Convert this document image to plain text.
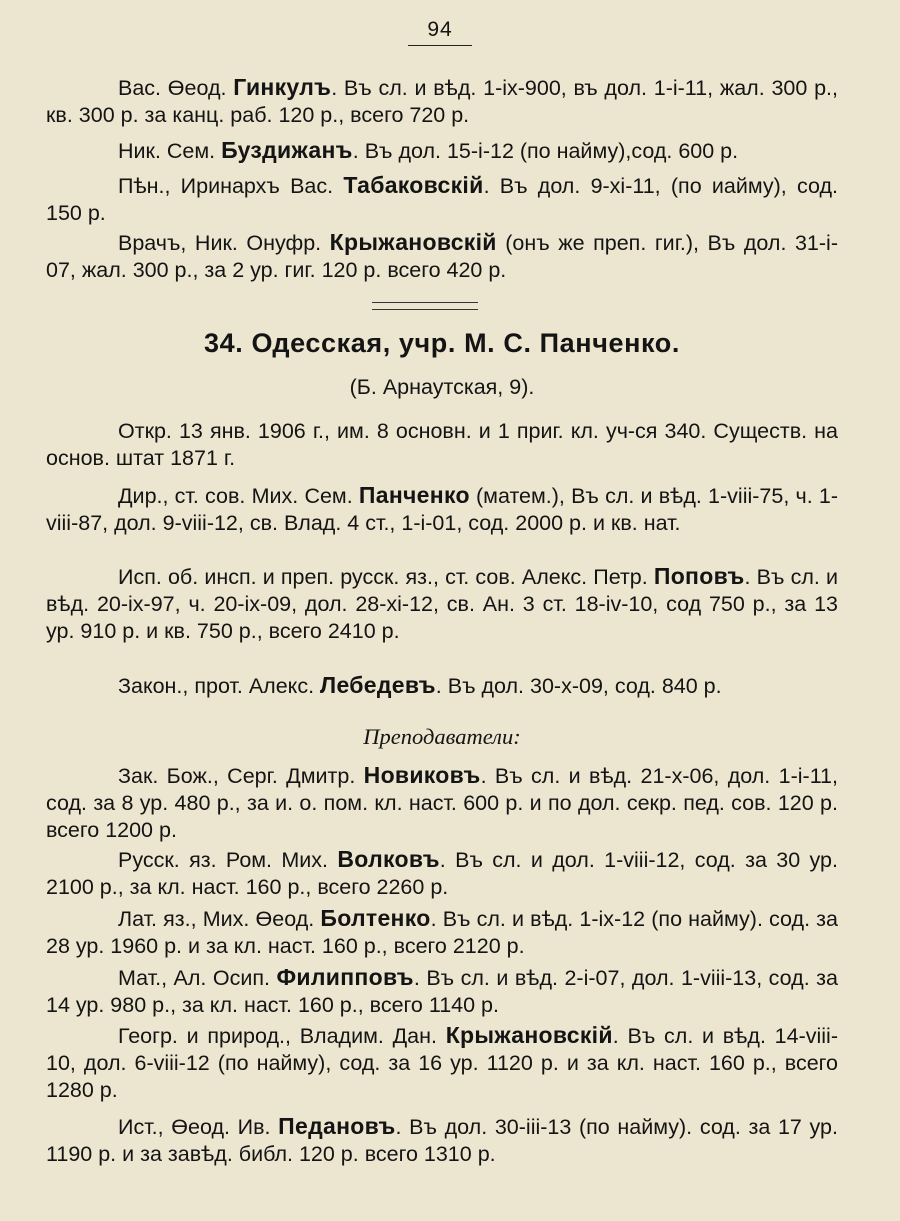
94

Вас. Өеод. Гинкулъ. Въ сл. и вѣд. 1-ix-900, въ дол. 1-i-11, жал. 300 р., кв. 300 р. за канц. раб. 120 р., всего 720 р.

Ник. Сем. Буздижанъ. Въ дол. 15-i-12 (по найму),сод. 600 р.

Пѣн., Иринархъ Вас. Табаковскій. Въ дол. 9-xi-11, (по иайму), сод. 150 р.

Врачъ, Ник. Онуфр. Крыжановскій (онъ же преп. гиг.), Въ дол. 31-i-07, жал. 300 р., за 2 ур. гиг. 120 р. всего 420 р.

34. Одесская, учр. М. С. Панченко.
(Б. Арнаутская, 9).

Откр. 13 янв. 1906 г., им. 8 основн. и 1 приг. кл. уч-ся 340. Существ. на основ. штат 1871 г.

Дир., ст. сов. Мих. Сем. Панченко (матем.), Въ сл. и вѣд. 1-viii-75, ч. 1-viii-87, дол. 9-viii-12, св. Влад. 4 ст., 1-i-01, сод. 2000 р. и кв. нат.

Исп. об. инсп. и преп. русск. яз., ст. сов. Алекс. Петр. Поповъ. Въ сл. и вѣд. 20-ix-97, ч. 20-ix-09, дол. 28-xi-12, св. Ан. 3 ст. 18-iv-10, сод 750 р., за 13 ур. 910 р. и кв. 750 р., всего 2410 р.

Закон., прот. Алекс. Лебедевъ. Въ дол. 30-x-09, сод. 840 р.

Преподаватели:

Зак. Бож., Серг. Дмитр. Новиковъ. Въ сл. и вѣд. 21-x-06, дол. 1-i-11, сод. за 8 ур. 480 р., за и. о. пом. кл. наст. 600 р. и по дол. секр. пед. сов. 120 р. всего 1200 р.

Русск. яз. Ром. Мих. Волковъ. Въ сл. и дол. 1-viii-12, сод. за 30 ур. 2100 р., за кл. наст. 160 р., всего 2260 р.

Лат. яз., Мих. Өеод. Болтенко. Въ сл. и вѣд. 1-ix-12 (по найму). сод. за 28 ур. 1960 р. и за кл. наст. 160 р., всего 2120 р.

Мат., Ал. Осип. Филипповъ. Въ сл. и вѣд. 2-i-07, дол. 1-viii-13, сод. за 14 ур. 980 р., за кл. наст. 160 р., всего 1140 р.

Геогр. и природ., Владим. Дан. Крыжановскій. Въ сл. и вѣд. 14-viii-10, дол. 6-viii-12 (по найму), сод. за 16 ур. 1120 р. и за кл. наст. 160 р., всего 1280 р.

Ист., Өеод. Ив. Педановъ. Въ дол. 30-iii-13 (по найму). сод. за 17 ур. 1190 р. и за завѣд. библ. 120 р. всего 1310 р.
